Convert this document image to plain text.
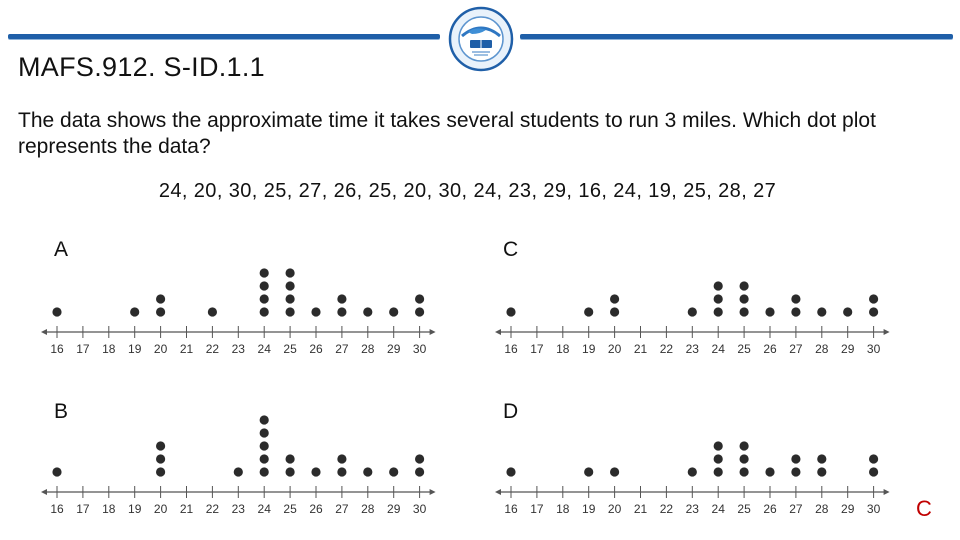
MAFS.912. S-ID.1.1
The data shows the approximate time it takes several students to run 3 miles. Which dot plot represents the data?
24, 20, 30, 25, 27, 26, 25, 20, 30, 24, 23, 29, 16, 24, 19, 25, 28, 27
A	C
B	D
16 17 18 19 20 21 22 23 24 25 26 27 28 29 30	16 17 18 19 20 21 22 23 24 25 26 27 28 29 30
16 17 18 19 20 21 22 23 24 25 26 27 28 29 30	16 17 18 19 20 21 22 23 24 25 26 27 28 29 30 C
